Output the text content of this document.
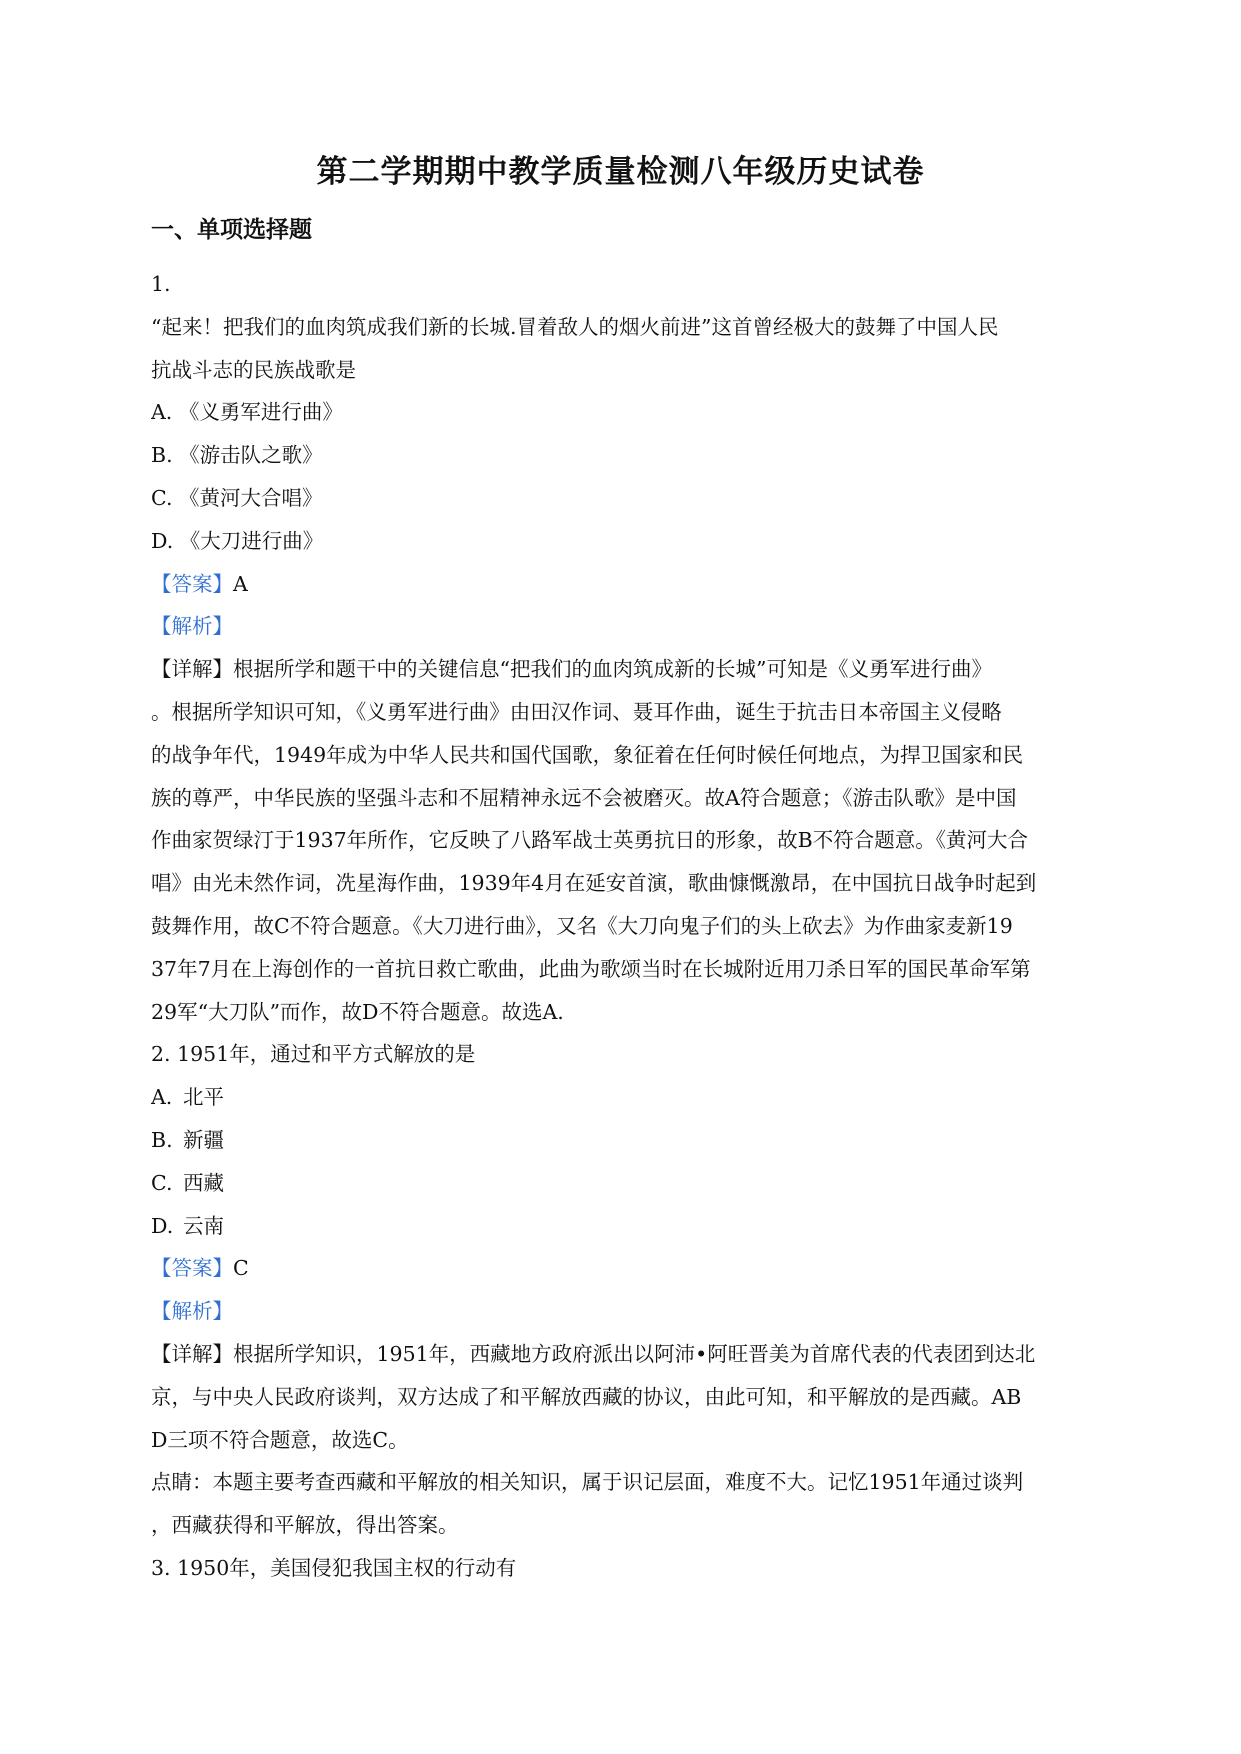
第二学期期中教学质量检测八年级历史试卷
一、单项选择题
1.
“起来！把我们的血肉筑成我们新的长城.冒着敌人的烟火前进”这首曾经极大的鼓舞了中国人民
抗战斗志的民族战歌是
A. 《义勇军进行曲》
B. 《游击队之歌》
C. 《黄河大合唱》
D. 《大刀进行曲》
【答案】A
【解析】
【详解】根据所学和题干中的关键信息“把我们的血肉筑成新的长城”可知是《义勇军进行曲》
。根据所学知识可知，《义勇军进行曲》由田汉作词、聂耳作曲，诞生于抗击日本帝国主义侵略
的战争年代，1949年成为中华人民共和国代国歌，象征着在任何时候任何地点，为捍卫国家和民
族的尊严，中华民族的坚强斗志和不屈精神永远不会被磨灭。故A符合题意；《游击队歌》是中国
作曲家贺绿汀于1937年所作，它反映了八路军战士英勇抗日的形象，故B不符合题意。《黄河大合
唱》由光未然作词，冼星海作曲，1939年4月在延安首演，歌曲慷慨激昂，在中国抗日战争时起到
鼓舞作用，故C不符合题意。《大刀进行曲》，又名《大刀向鬼子们的头上砍去》为作曲家麦新19
37年7月在上海创作的一首抗日救亡歌曲，此曲为歌颂当时在长城附近用刀杀日军的国民革命军第
29军“大刀队”而作，故D不符合题意。故选A.
2. 1951年，通过和平方式解放的是
A. 北平
B. 新疆
C. 西藏
D. 云南
【答案】C
【解析】
【详解】根据所学知识，1951年，西藏地方政府派出以阿沛•阿旺晋美为首席代表的代表团到达北
京，与中央人民政府谈判，双方达成了和平解放西藏的协议，由此可知，和平解放的是西藏。AB
D三项不符合题意，故选C。
点睛：本题主要考查西藏和平解放的相关知识，属于识记层面，难度不大。记忆1951年通过谈判
，西藏获得和平解放，得出答案。
3. 1950年，美国侵犯我国主权的行动有
